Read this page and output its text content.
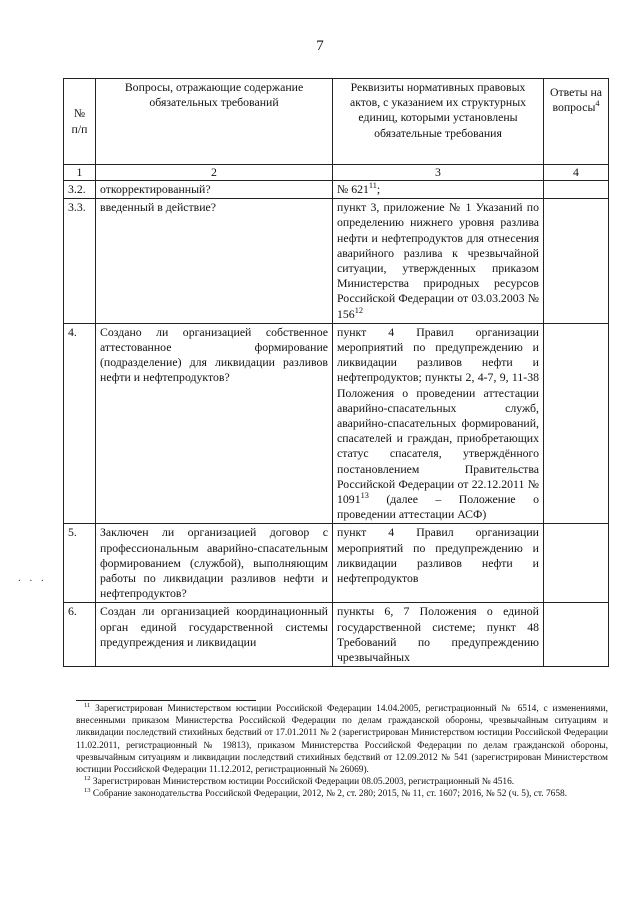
7
. . .
№ п/п	Вопросы, отражающие содержание обязательных требований	Реквизиты нормативных правовых актов, с указанием их структурных единиц, которыми установлены обязательные требования	Ответы на вопросы$^4$
1	2	3	4
3.2.	откорректированный?	№ $621^{11}$;	
3.3.	введенный в действие?	пункт 3, приложение № 1 Указаний по определению нижнего уровня разлива нефти и нефтепродуктов для отнесения аварийного разлива к чрезвычайной ситуации, утвержденных приказом Министерства природных ресурсов Российской Федерации от 03.03.2003 № $156^{12}$	
4.	Создано ли организацией собственное аттестованное формирование (подразделение) для ликвидации разливов нефти и нефтепродуктов?	пункт 4 Правил организации мероприятий по предупреждению и ликвидации разливов нефти и нефтепродуктов; пункты 2, 4-7, 9, 11-38 Положения о проведении аттестации аварийно-спасательных служб, аварийно-спасательных формирований, спасателей и граждан, приобретающих статус спасателя, утверждённого постановлением Правительства Российской Федерации от 22.12.2011 № 1091$^{13}$ (далее – Положение о проведении аттестации АСФ)	
5.	Заключен ли организацией договор с профессиональным аварийно-спасательным формированием (службой), выполняющим работы по ликвидации разливов нефти и нефтепродуктов?	пункт 4 Правил организации мероприятий по предупреждению и ликвидации разливов нефти и нефтепродуктов	
6.	Создан ли организацией координационный орган единой государственной системы предупреждения и ликвидации	пункты 6, 7 Положения о единой государственной системе; пункт 48 Требований по предупреждению чрезвычайных	

$^{11}$ Зарегистрирован Министерством юстиции Российской Федерации 14.04.2005, регистрационный № 6514, с изменениями, внесенными приказом Министерства Российской Федерации по делам гражданской обороны, чрезвычайным ситуациям и ликвидации последствий стихийных бедствий от 17.01.2011 № 2 (зарегистрирован Министерством юстиции Российской Федерации 11.02.2011, регистрационный № 19813), приказом Министерства Российской Федерации по делам гражданской обороны, чрезвычайным ситуациям и ликвидации последствий стихийных бедствий от 12.09.2012 № 541 (зарегистрирован Министерством юстиции Российской Федерации 11.12.2012, регистрационный № 26069).

$^{12}$ Зарегистрирован Министерством юстиции Российской Федерации 08.05.2003, регистрационный № 4516.

$^{13}$ Собрание законодательства Российской Федерации, 2012, № 2, ст. 280; 2015, № 11, ст. 1607; 2016, № 52 (ч. 5), ст. 7658.
